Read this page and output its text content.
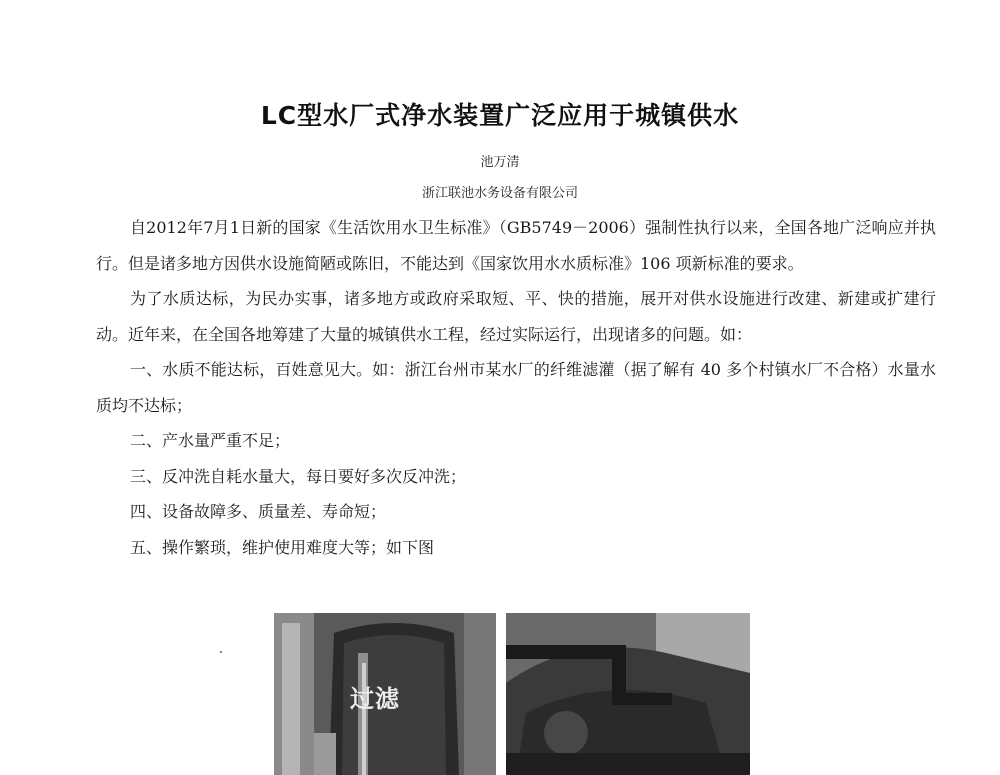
LC型水厂式净水装置广泛应用于城镇供水
池万清
浙江联池水务设备有限公司

自2012年7月1日新的国家《生活饮用水卫生标准》（GB5749－2006）强制性执行以来，全国各地广泛响应并执行。但是诸多地方因供水设施简陋或陈旧，不能达到《国家饮用水水质标准》106 项新标准的要求。

为了水质达标，为民办实事，诸多地方或政府采取短、平、快的措施，展开对供水设施进行改建、新建或扩建行动。近年来，在全国各地筹建了大量的城镇供水工程，经过实际运行，出现诸多的问题。如：

一、水质不能达标，百姓意见大。如：浙江台州市某水厂的纤维滤灌（据了解有 40 多个村镇水厂不合格）水量水质均不达标；

二、产水量严重不足；

三、反冲洗自耗水量大，每日要好多次反冲洗；

四、设备故障多、质量差、寿命短；

五、操作繁琐，维护使用难度大等；如下图

过滤
